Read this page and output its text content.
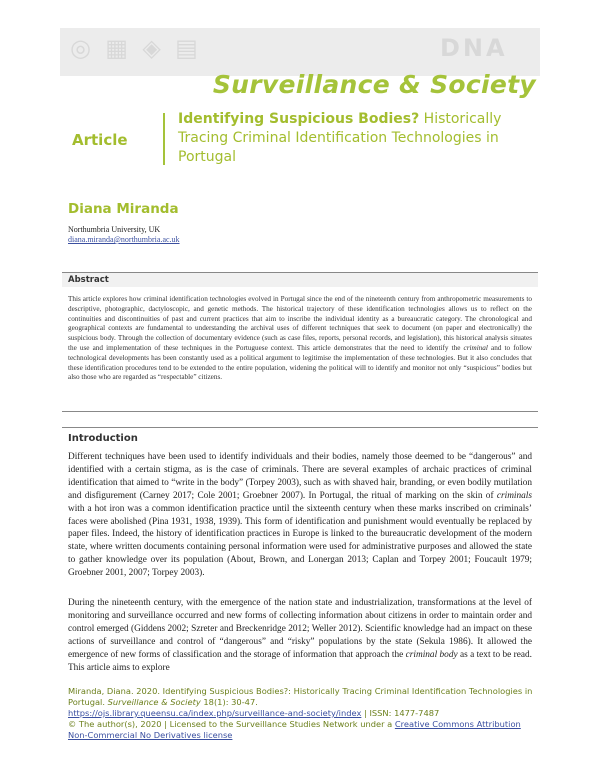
◎ ▦ ◈ ▤	DNA
Surveillance & Society
Article
Identifying Suspicious Bodies? Historically Tracing Criminal Identification Technologies in Portugal
Diana Miranda
Northumbria University, UK
diana.miranda@northumbria.ac.uk
Abstract
This article explores how criminal identification technologies evolved in Portugal since the end of the nineteenth century from anthropometric measurements to descriptive, photographic, dactyloscopic, and genetic methods. The historical trajectory of these identification technologies allows us to reflect on the continuities and discontinuities of past and current practices that aim to inscribe the individual identity as a bureaucratic category. The chronological and geographical contexts are fundamental to understanding the archival uses of different techniques that seek to document (on paper and electronically) the suspicious body. Through the collection of documentary evidence (such as case files, reports, personal records, and legislation), this historical analysis situates the use and implementation of these techniques in the Portuguese context. This article demonstrates that the need to identify the criminal and to follow technological developments has been constantly used as a political argument to legitimise the implementation of these technologies. But it also concludes that these identification procedures tend to be extended to the entire population, widening the political will to identify and monitor not only “suspicious” bodies but also those who are regarded as “respectable” citizens.
Introduction
Different techniques have been used to identify individuals and their bodies, namely those deemed to be “dangerous” and identified with a certain stigma, as is the case of criminals. There are several examples of archaic practices of criminal identification that aimed to “write in the body” (Torpey 2003), such as with shaved hair, branding, or even bodily mutilation and disfigurement (Carney 2017; Cole 2001; Groebner 2007). In Portugal, the ritual of marking on the skin of criminals with a hot iron was a common identification practice until the sixteenth century when these marks inscribed on criminals’ faces were abolished (Pina 1931, 1938, 1939). This form of identification and punishment would eventually be replaced by paper files. Indeed, the history of identification practices in Europe is linked to the bureaucratic development of the modern state, where written documents containing personal information were used for administrative purposes and allowed the state to gather knowledge over its population (About, Brown, and Lonergan 2013; Caplan and Torpey 2001; Foucault 1979; Groebner 2001, 2007; Torpey 2003).
During the nineteenth century, with the emergence of the nation state and industrialization, transformations at the level of monitoring and surveillance occurred and new forms of collecting information about citizens in order to maintain order and control emerged (Giddens 2002; Szreter and Breckenridge 2012; Weller 2012). Scientific knowledge had an impact on these actions of surveillance and control of “dangerous” and “risky” populations by the state (Sekula 1986). It allowed the emergence of new forms of classification and the storage of information that approach the criminal body as a text to be read. This article aims to explore
Miranda, Diana. 2020. Identifying Suspicious Bodies?: Historically Tracing Criminal Identification Technologies in Portugal. Surveillance & Society 18(1): 30-47.
https://ojs.library.queensu.ca/index.php/surveillance-and-society/index | ISSN: 1477-7487
© The author(s), 2020 | Licensed to the Surveillance Studies Network under a Creative Commons Attribution Non-Commercial No Derivatives license
